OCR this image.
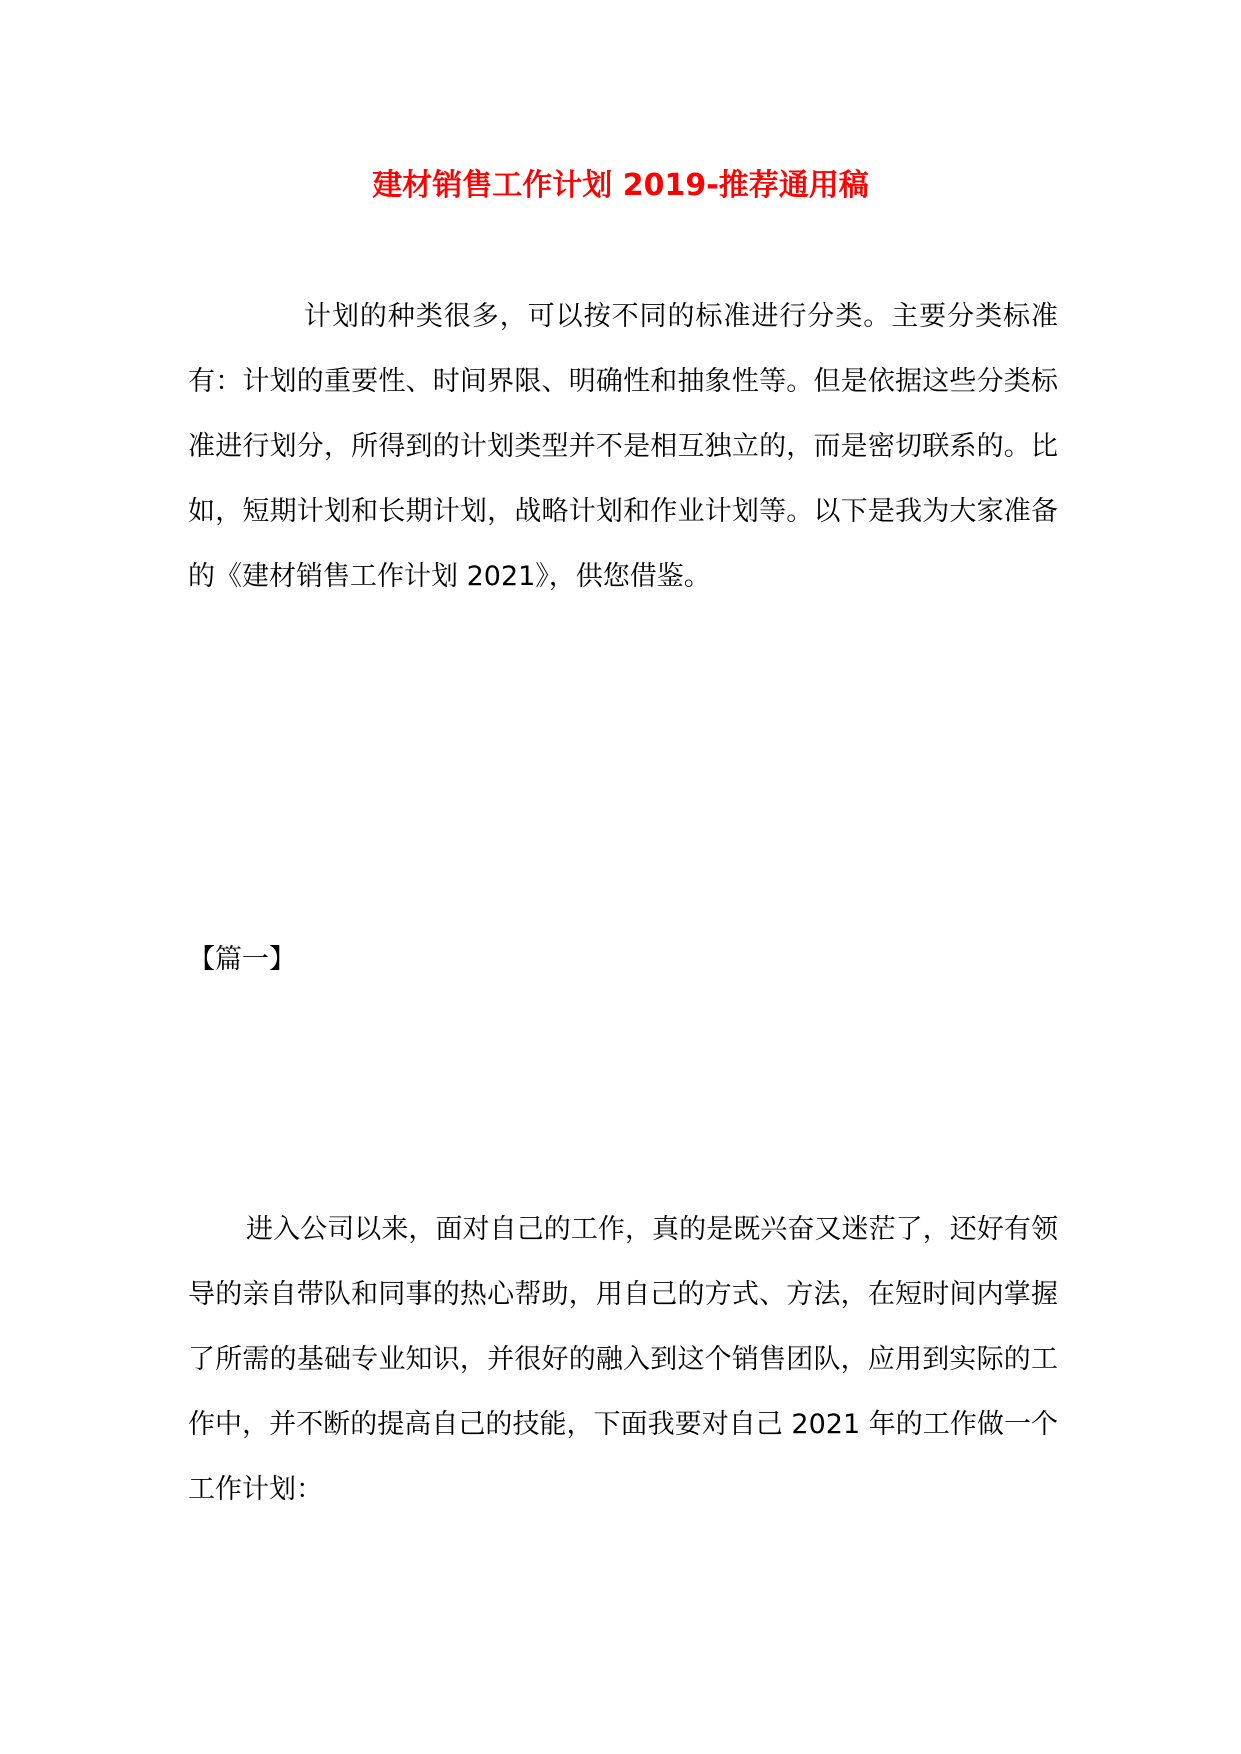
建材销售工作计划 2019-推荐通用稿

计划的种类很多，可以按不同的标准进行分类。主要分类标准有：计划的重要性、时间界限、明确性和抽象性等。但是依据这些分类标准进行划分，所得到的计划类型并不是相互独立的，而是密切联系的。比如，短期计划和长期计划，战略计划和作业计划等。以下是我为大家准备的《建材销售工作计划 2021》，供您借鉴。

【篇一】

进入公司以来，面对自己的工作，真的是既兴奋又迷茫了，还好有领导的亲自带队和同事的热心帮助，用自己的方式、方法，在短时间内掌握了所需的基础专业知识，并很好的融入到这个销售团队，应用到实际的工作中，并不断的提高自己的技能，下面我要对自己 2021 年的工作做一个工作计划：
